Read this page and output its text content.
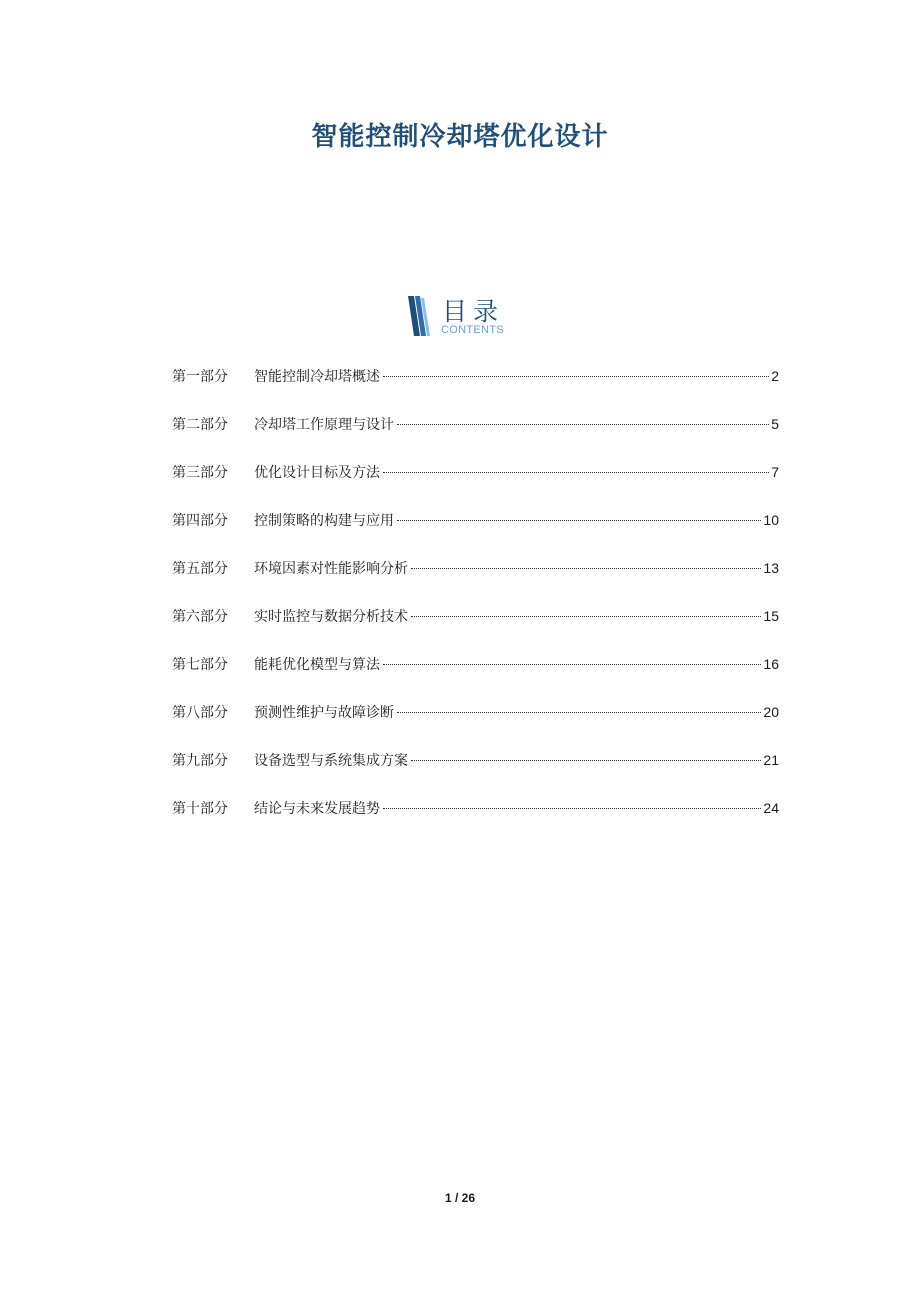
智能控制冷却塔优化设计
目录
CONTENTS
第一部分	智能控制冷却塔概述	2
第二部分	冷却塔工作原理与设计	5
第三部分	优化设计目标及方法	7
第四部分	控制策略的构建与应用	10
第五部分	环境因素对性能影响分析	13
第六部分	实时监控与数据分析技术	15
第七部分	能耗优化模型与算法	16
第八部分	预测性维护与故障诊断	20
第九部分	设备选型与系统集成方案	21
第十部分	结论与未来发展趋势	24
1 / 26
